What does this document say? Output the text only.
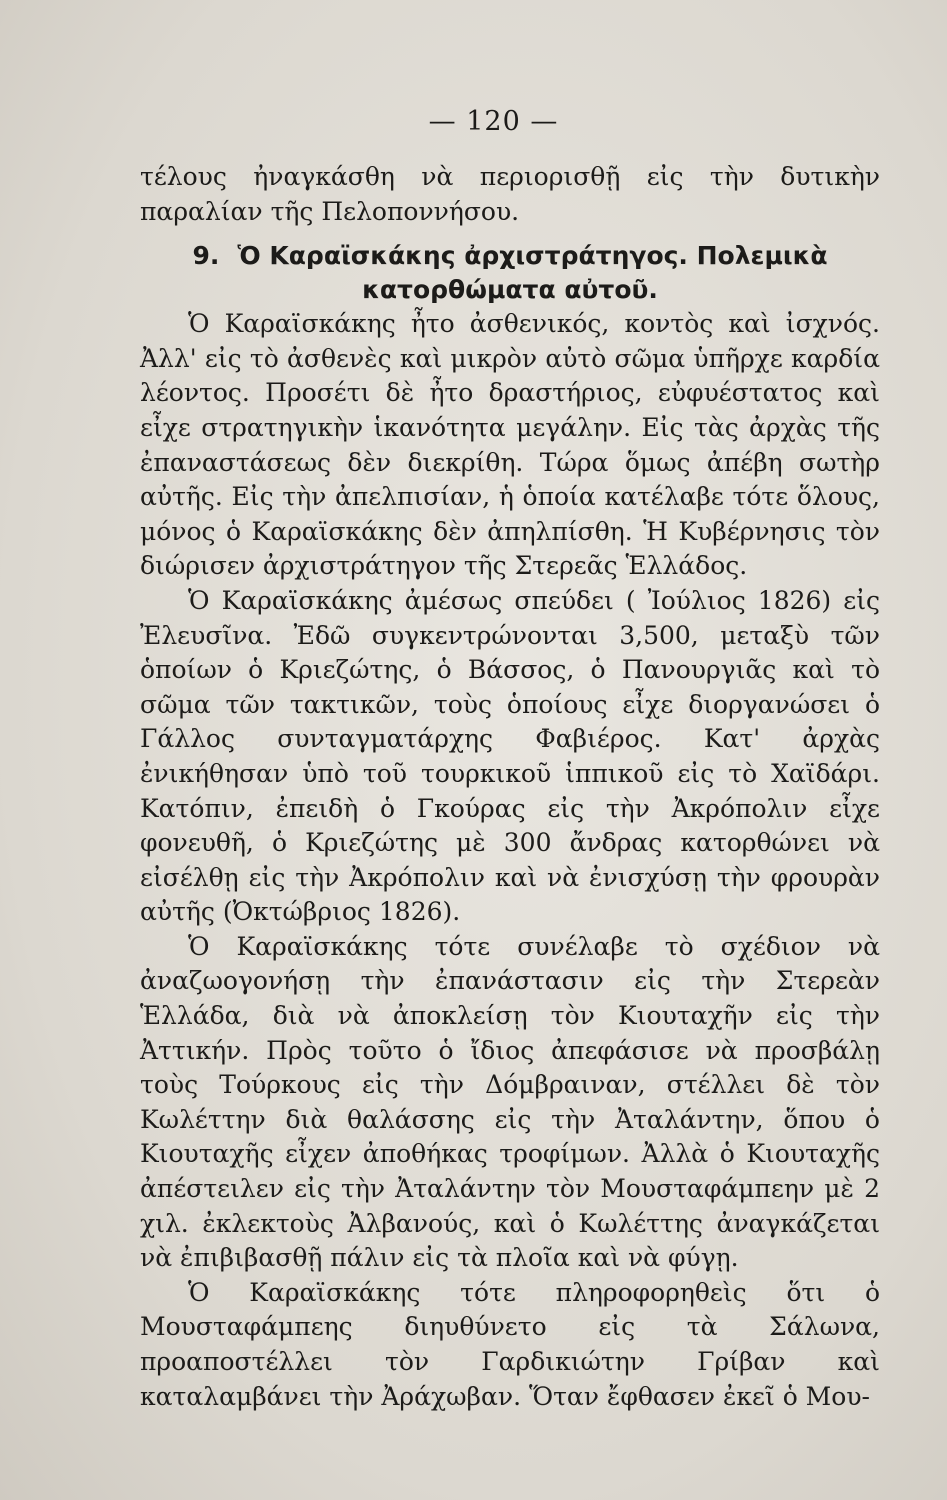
— 120 —

τέλους ἠναγκάσθη νὰ περιορισθῇ εἰς τὴν δυτικὴν παραλίαν τῆς Πελοποννήσου.

9. Ὁ Καραϊσκάκης ἀρχιστράτηγος. Πολεμικὰ
κατορθώματα αὐτοῦ.

Ὁ Καραϊσκάκης ἦτο ἀσθενικός, κοντὸς καὶ ἰσχνός. Ἀλλ' εἰς τὸ ἀσθενὲς καὶ μικρὸν αὐτὸ σῶμα ὑπῆρχε καρδία λέοντος. Προσέτι δὲ ἦτο δραστήριος, εὐφυέστατος καὶ εἶχε στρατηγικὴν ἱκανότητα μεγάλην. Εἰς τὰς ἀρχὰς τῆς ἐπαναστάσεως δὲν διεκρίθη. Τώρα ὅμως ἀπέβη σωτὴρ αὐτῆς. Εἰς τὴν ἀπελπισίαν, ἡ ὁποία κατέλαβε τότε ὅλους, μόνος ὁ Καραϊσκάκης δὲν ἀπηλπίσθη. Ἡ Κυβέρνησις τὸν διώρισεν ἀρχιστράτηγον τῆς Στερεᾶς Ἑλλάδος.

Ὁ Καραϊσκάκης ἀμέσως σπεύδει ( Ἰούλιος 1826) εἰς Ἐλευσῖνα. Ἐδῶ συγκεντρώνονται 3,500, μεταξὺ τῶν ὁποίων ὁ Κριεζώτης, ὁ Βάσσος, ὁ Πανουργιᾶς καὶ τὸ σῶμα τῶν τακτικῶν, τοὺς ὁποίους εἶχε διοργανώσει ὁ Γάλλος συνταγματάρχης Φαβιέρος. Κατ' ἀρχὰς ἐνικήθησαν ὑπὸ τοῦ τουρκικοῦ ἱππικοῦ εἰς τὸ Χαϊδάρι. Κατόπιν, ἐπειδὴ ὁ Γκούρας εἰς τὴν Ἀκρόπολιν εἶχε φονευθῆ, ὁ Κριεζώτης μὲ 300 ἄνδρας κατορθώνει νὰ εἰσέλθῃ εἰς τὴν Ἀκρόπολιν καὶ νὰ ἐνισχύσῃ τὴν φρουρὰν αὐτῆς (Ὀκτώβριος 1826).

Ὁ Καραϊσκάκης τότε συνέλαβε τὸ σχέδιον νὰ ἀναζωογονήσῃ τὴν ἐπανάστασιν εἰς τὴν Στερεὰν Ἑλλάδα, διὰ νὰ ἀποκλείσῃ τὸν Κιουταχῆν εἰς τὴν Ἀττικήν. Πρὸς τοῦτο ὁ ἴδιος ἀπεφάσισε νὰ προσβάλῃ τοὺς Τούρκους εἰς τὴν Δόμβραιναν, στέλλει δὲ τὸν Κωλέττην διὰ θαλάσσης εἰς τὴν Ἀταλάντην, ὅπου ὁ Κιουταχῆς εἶχεν ἀποθήκας τροφίμων. Ἀλλὰ ὁ Κιουταχῆς ἀπέστειλεν εἰς τὴν Ἀταλάντην τὸν Μουσταφάμπεην μὲ 2 χιλ. ἐκλεκτοὺς Ἀλβανούς, καὶ ὁ Κωλέττης ἀναγκάζεται νὰ ἐπιβιβασθῇ πάλιν εἰς τὰ πλοῖα καὶ νὰ φύγῃ.

Ὁ Καραϊσκάκης τότε πληροφορηθεὶς ὅτι ὁ Μουσταφάμπεης διηυθύνετο εἰς τὰ Σάλωνα, προαποστέλλει τὸν Γαρδικιώτην Γρίβαν καὶ καταλαμβάνει τὴν Ἀράχωβαν. Ὅταν ἔφθασεν ἐκεῖ ὁ Μου-
